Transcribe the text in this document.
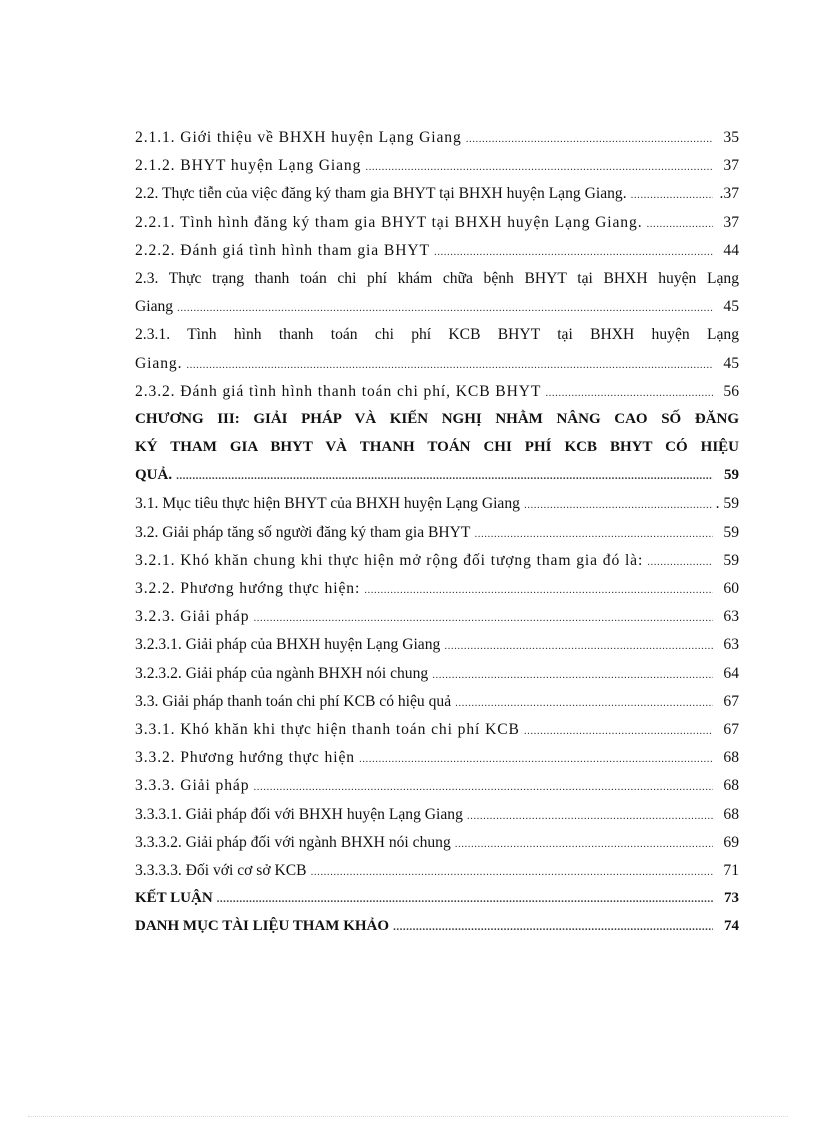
2.1.1. Giới thiệu về BHXH huyện Lạng Giang .....	35
2.1.2. BHYT huyện Lạng Giang .....	37
2.2. Thực tiễn của việc đăng ký tham gia BHYT tại BHXH huyện Lạng Giang. .....	.37
2.2.1. Tình hình đăng ký tham gia BHYT tại BHXH huyện Lạng Giang. .....	37
2.2.2. Đánh giá tình hình tham gia BHYT .....	44
2.3. Thực trạng thanh toán chi phí khám chữa bệnh BHYT tại BHXH huyện Lạng
Giang .....	45
2.3.1. Tình hình thanh toán chi phí KCB BHYT tại BHXH huyện Lạng
Giang. .....	45
2.3.2. Đánh giá tình hình thanh toán chi phí, KCB BHYT .....	56
CHƯƠNG III: GIẢI PHÁP VÀ KIẾN NGHỊ NHẰM NÂNG CAO SỐ ĐĂNG
KÝ THAM GIA BHYT VÀ THANH TOÁN CHI PHÍ KCB BHYT CÓ HIỆU
QUẢ. .....	59
3.1. Mục tiêu thực hiện BHYT của BHXH huyện Lạng Giang .....	. 59
3.2. Giải pháp tăng số người đăng ký tham gia BHYT .....	59
3.2.1. Khó khăn chung khi thực hiện mở rộng đối tượng tham gia đó là: .....	59
3.2.2. Phương hướng thực hiện: .....	60
3.2.3. Giải pháp .....	63
3.2.3.1. Giải pháp của BHXH huyện Lạng Giang .....	63
3.2.3.2. Giải pháp của ngành BHXH nói chung .....	64
3.3. Giải pháp thanh toán chi phí KCB có hiệu quả .....	67
3.3.1. Khó khăn khi thực hiện thanh toán chi phí KCB .....	67
3.3.2. Phương hướng thực hiện .....	68
3.3.3. Giải pháp .....	68
3.3.3.1. Giải pháp đối với BHXH huyện Lạng Giang .....	68
3.3.3.2. Giải pháp đối với ngành BHXH nói chung .....	69
3.3.3.3. Đối với cơ sở KCB .....	71
KẾT LUẬN .....	73
DANH MỤC TÀI LIỆU THAM KHẢO .....	74
